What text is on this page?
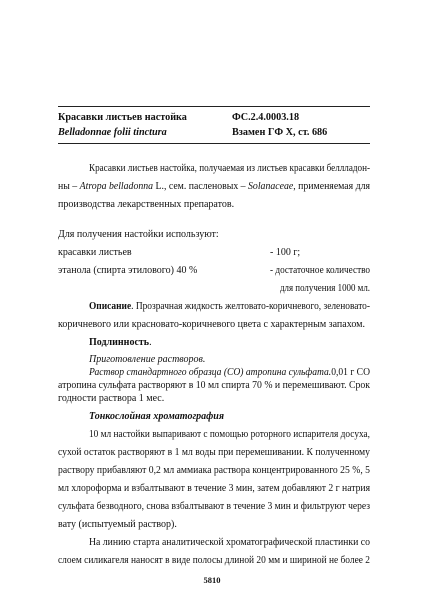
Красавки листьев настойка	ФС.2.4.0003.18
Belladonnae folii tinctura	Взамен ГФ X, ст. 686
Красавки листьев настойка, получаемая из листьев красавки беллладон-
ны – Atropa belladonna L., сем. пасленовых – Solanaceae, применяемая для
производства лекарственных препаратов.
Для получения настойки используют:
красавки листьев	- 100 г;
этанола (спирта этилового) 40 %	- достаточное количество
для получения 1000 мл.
Описание. Прозрачная жидкость желтовато-коричневого, зеленовато-
коричневого или красновато-коричневого цвета с характерным запахом.
Подлинность.
Приготовление растворов.
Раствор стандартного образца (СО) атропина сульфата.0,01 г СО
атропина сульфата растворяют в 10 мл спирта 70 % и перемешивают. Срок
годности раствора 1 мес.
Тонкослойная хроматография
10 мл настойки выпаривают с помощью роторного испарителя досуха,
сухой остаток растворяют в 1 мл воды при перемешивании. К полученному
раствору прибавляют 0,2 мл аммиака раствора концентрированного 25 %, 5
мл хлороформа и взбалтывают в течение 3 мин, затем добавляют 2 г натрия
сульфата безводного, снова взбалтывают в течение 3 мин и фильтруют через
вату (испытуемый раствор).
На линию старта аналитической хроматографической пластинки со
слоем силикагеля наносят в виде полосы длиной 20 мм и шириной не более 2
5810
